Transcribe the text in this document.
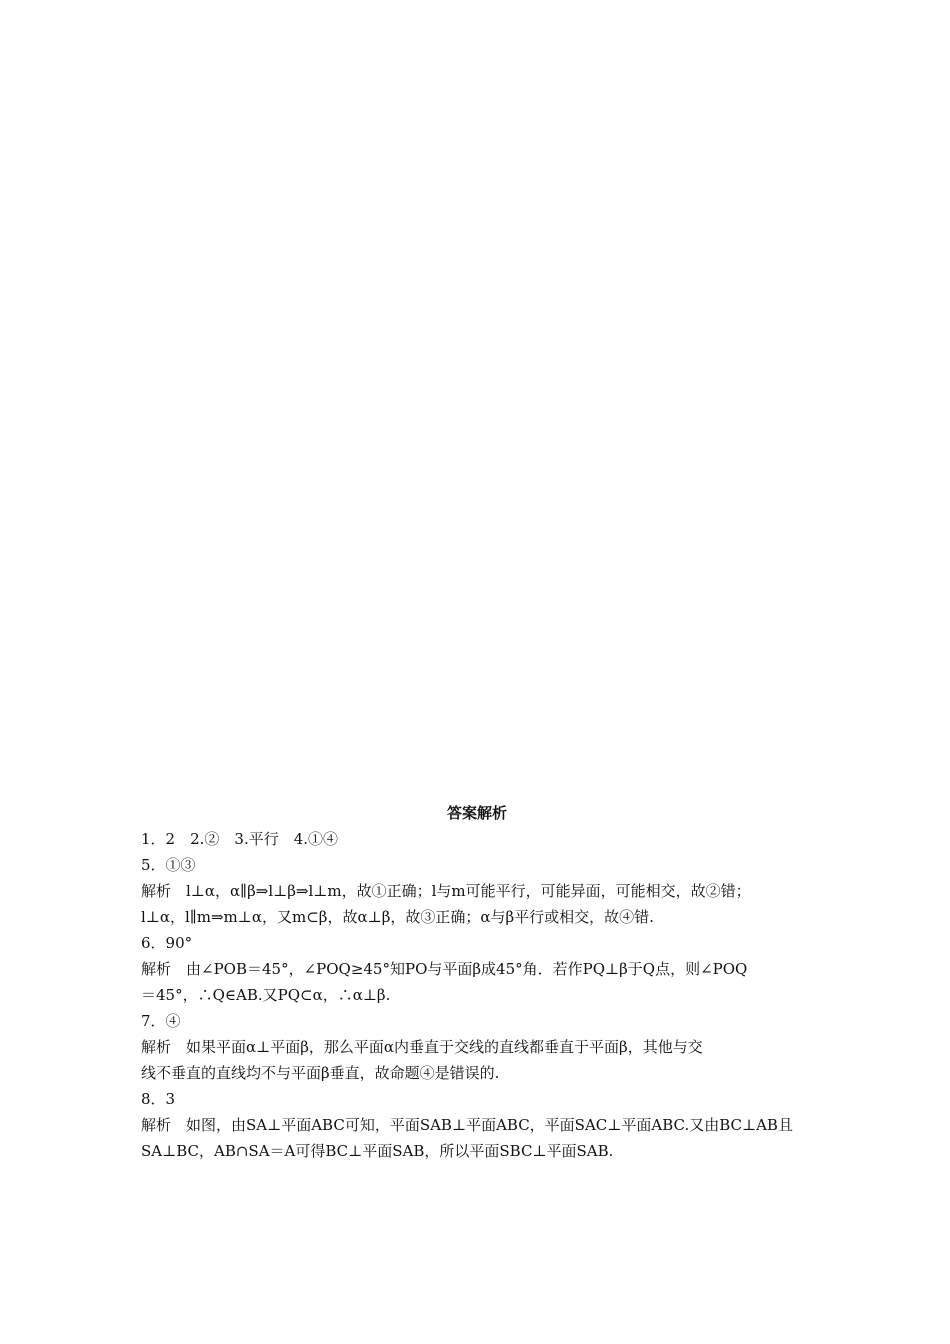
答案解析
1．2　2.②　3.平行　4.①④
5．①③
解析　l⊥α，α∥β⇒l⊥β⇒l⊥m，故①正确；l与m可能平行，可能异面，可能相交，故②错；
l⊥α，l∥m⇒m⊥α，又m⊂β，故α⊥β，故③正确；α与β平行或相交，故④错.
6．90°
解析　由∠POB＝45°，∠POQ≥45°知PO与平面β成45°角．若作PQ⊥β于Q点，则∠POQ
＝45°，∴Q∈AB.又PQ⊂α，∴α⊥β.
7．④
解析　如果平面α⊥平面β，那么平面α内垂直于交线的直线都垂直于平面β，其他与交
线不垂直的直线均不与平面β垂直，故命题④是错误的.
8．3
解析　如图，由SA⊥平面ABC可知，平面SAB⊥平面ABC，平面SAC⊥平面ABC.又由BC⊥AB且
SA⊥BC，AB∩SA＝A可得BC⊥平面SAB，所以平面SBC⊥平面SAB.
